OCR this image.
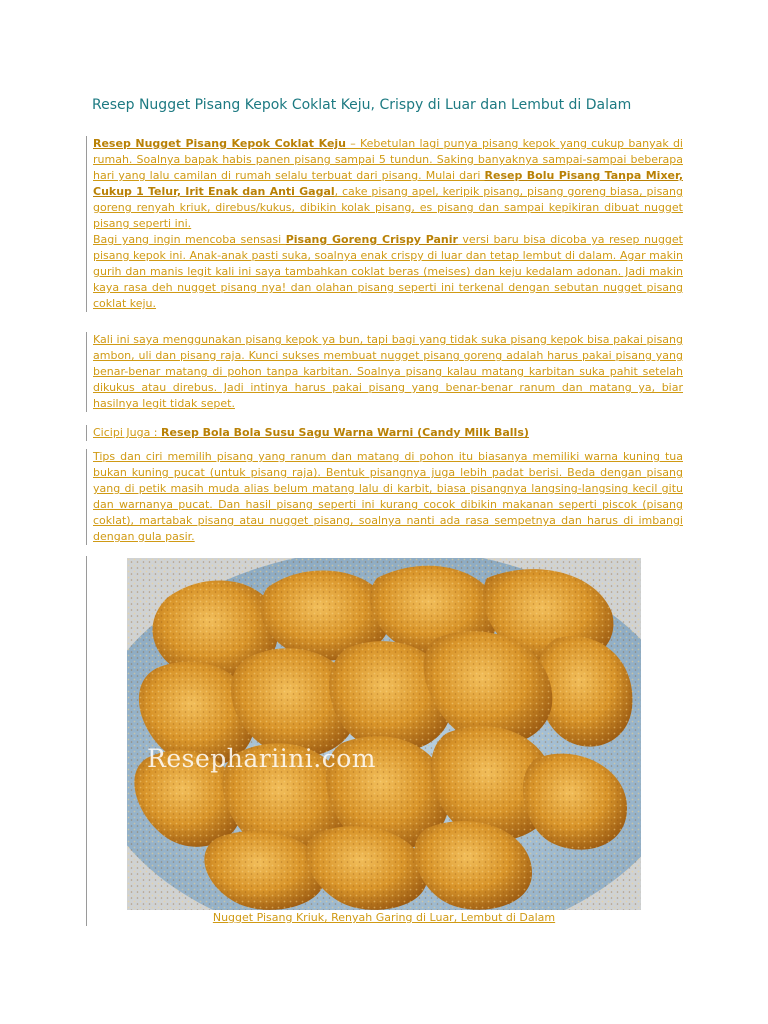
Resep Nugget Pisang Kepok Coklat Keju, Crispy di Luar dan Lembut di Dalam

Resep Nugget Pisang Kepok Coklat Keju – Kebetulan lagi punya pisang kepok yang cukup banyak di rumah. Soalnya bapak habis panen pisang sampai 5 tundun. Saking banyaknya sampai-sampai beberapa hari yang lalu camilan di rumah selalu terbuat dari pisang. Mulai dari Resep Bolu Pisang Tanpa Mixer, Cukup 1 Telur, Irit Enak dan Anti Gagal, cake pisang apel, keripik pisang, pisang goreng biasa, pisang goreng renyah kriuk, direbus/kukus, dibikin kolak pisang, es pisang dan sampai kepikiran dibuat nugget pisang seperti ini.

Bagi yang ingin mencoba sensasi Pisang Goreng Crispy Panir versi baru bisa dicoba ya resep nugget pisang kepok ini. Anak-anak pasti suka, soalnya enak crispy di luar dan tetap lembut di dalam. Agar makin gurih dan manis legit kali ini saya tambahkan coklat beras (meises) dan keju kedalam adonan. Jadi makin kaya rasa deh nugget pisang nya! dan olahan pisang seperti ini terkenal dengan sebutan nugget pisang coklat keju.

Kali ini saya menggunakan pisang kepok ya bun, tapi bagi yang tidak suka pisang kepok bisa pakai pisang ambon, uli dan pisang raja. Kunci sukses membuat nugget pisang goreng adalah harus pakai pisang yang benar-benar matang di pohon tanpa karbitan. Soalnya pisang kalau matang karbitan suka pahit setelah dikukus atau direbus. Jadi intinya harus pakai pisang yang benar-benar ranum dan matang ya, biar hasilnya legit tidak sepet.

Cicipi Juga : Resep Bola Bola Susu Sagu Warna Warni (Candy Milk Balls)

Tips dan ciri memilih pisang yang ranum dan matang di pohon itu biasanya memiliki warna kuning tua bukan kuning pucat (untuk pisang raja). Bentuk pisangnya juga lebih padat berisi. Beda dengan pisang yang di petik masih muda alias belum matang lalu di karbit, biasa pisangnya langsing-langsing kecil gitu dan warnanya pucat. Dan hasil pisang seperti ini kurang cocok dibikin makanan seperti piscok (pisang coklat), martabak pisang atau nugget pisang, soalnya nanti ada rasa sempetnya dan harus di imbangi dengan gula pasir.

Resephariini.com
Nugget Pisang Kriuk, Renyah Garing di Luar, Lembut di Dalam
